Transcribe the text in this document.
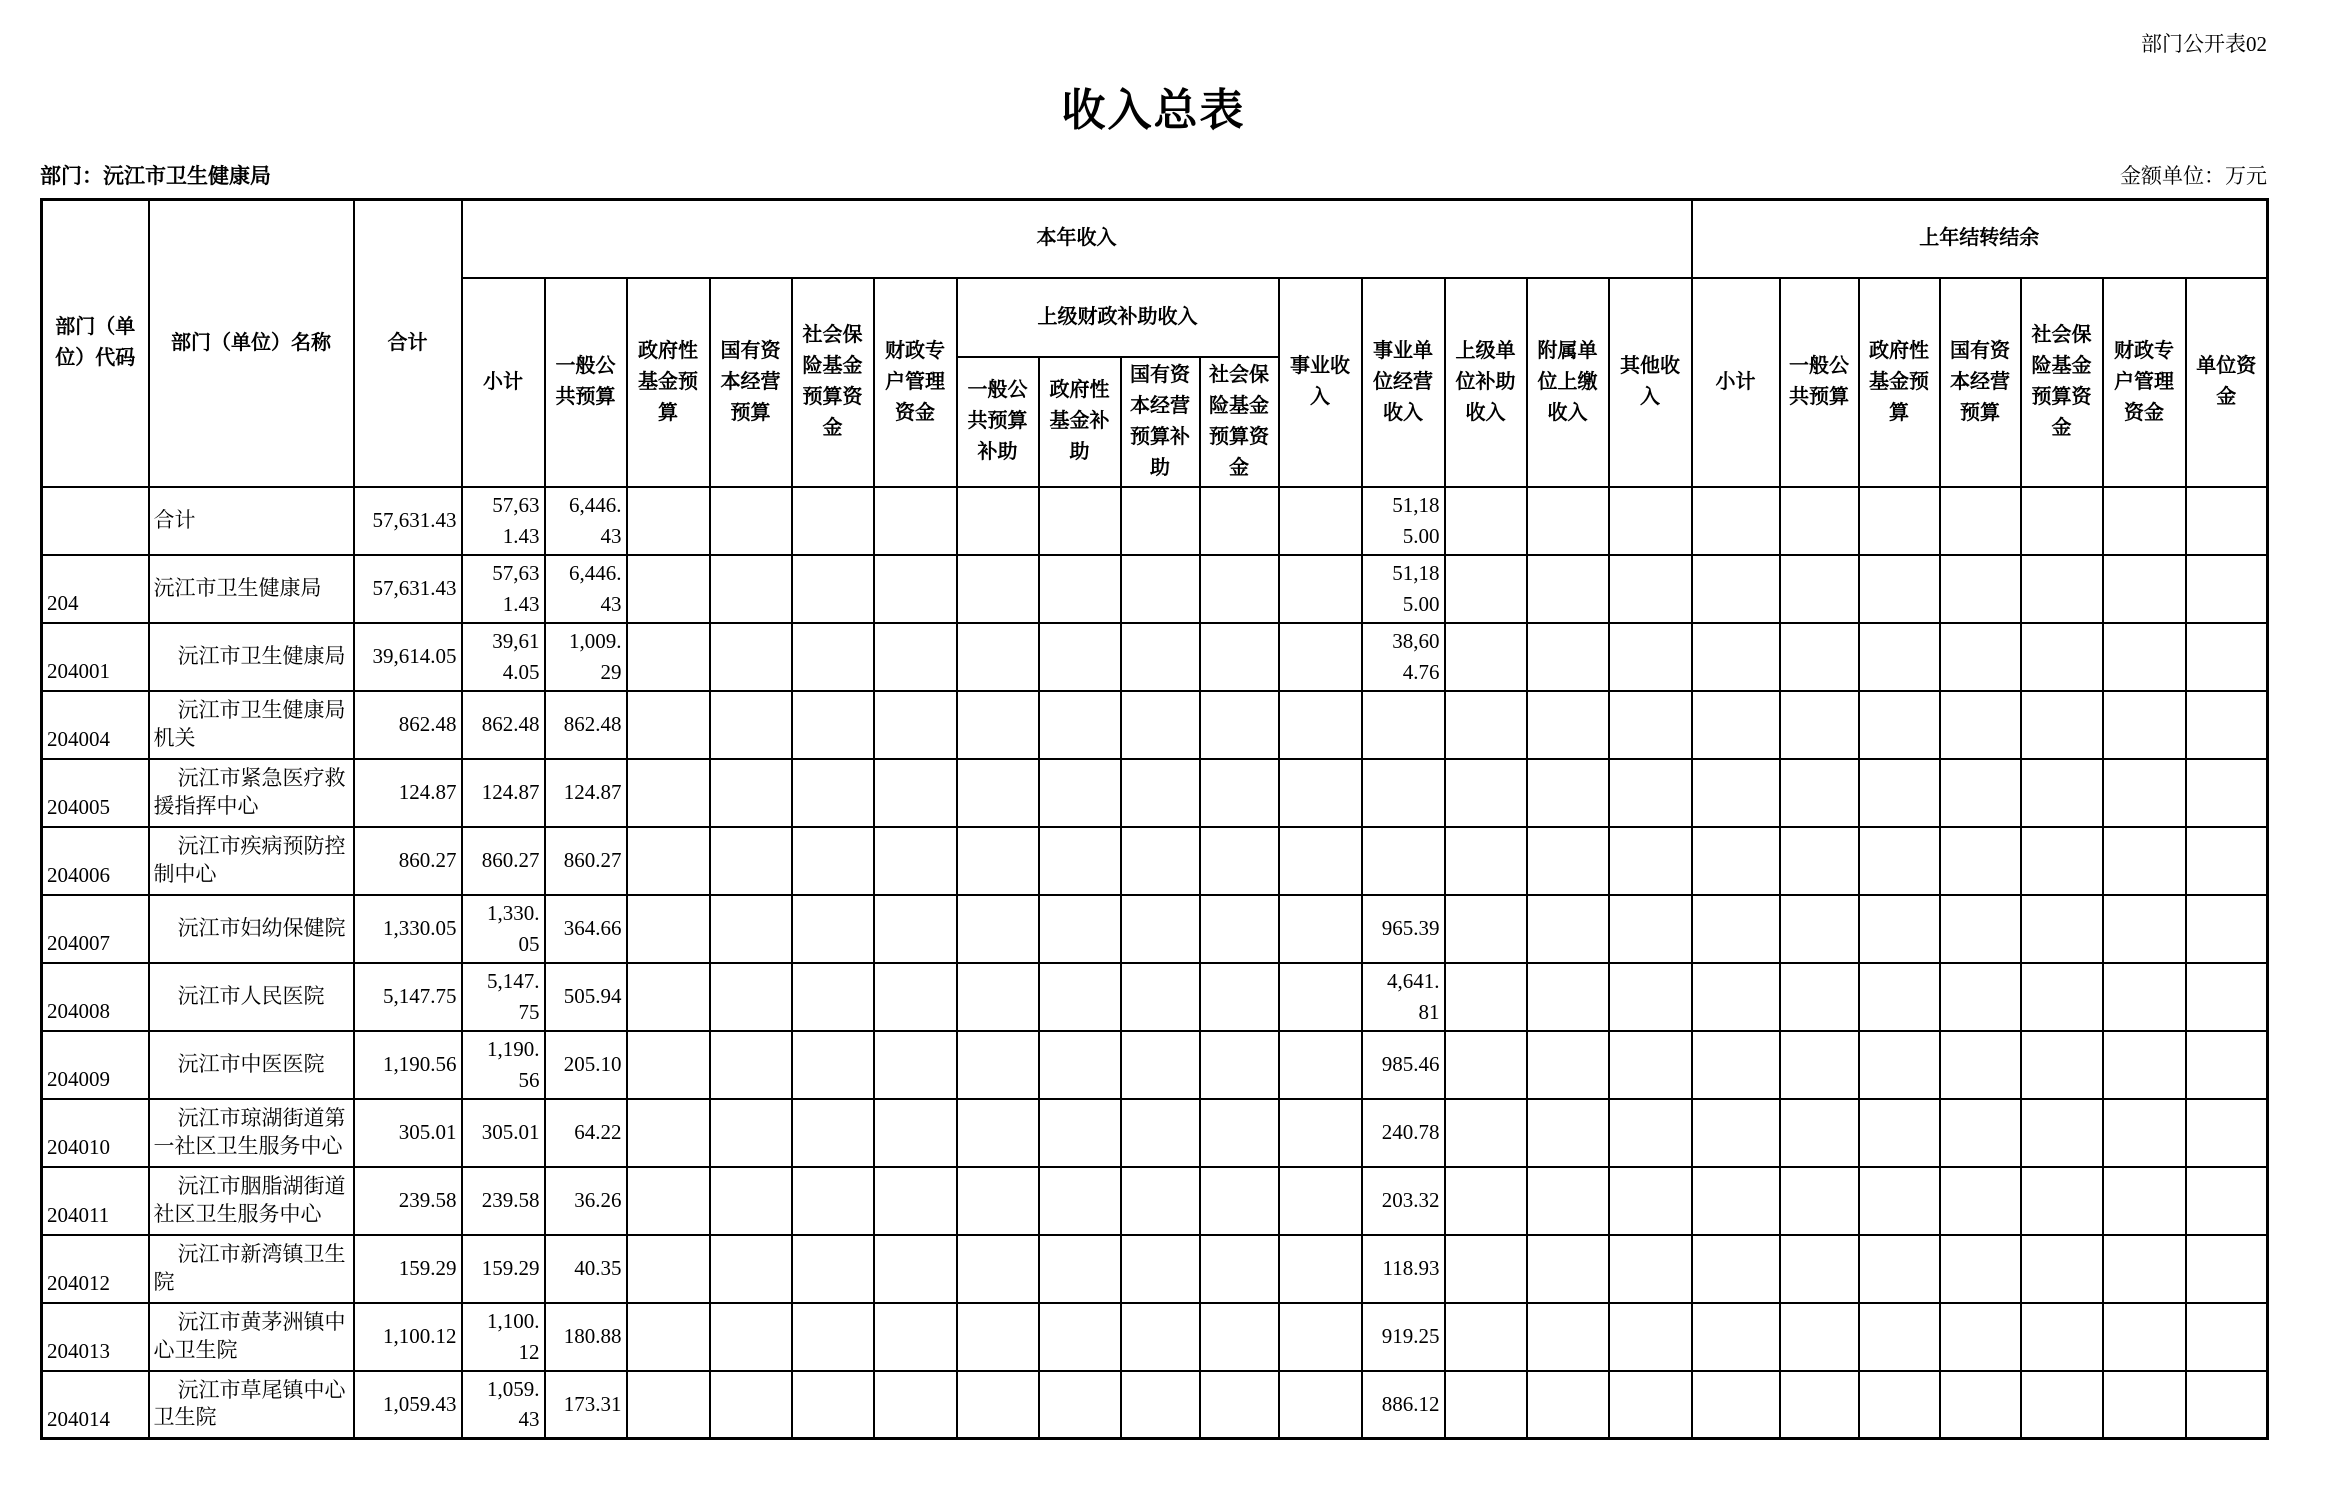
部门公开表02
收入总表
部门：沅江市卫生健康局	金额单位：万元
部门（单位）代码	部门（单位）名称	合计	本年收入															上年结转结余						
			小计	一般公共预算	政府性基金预算	国有资本经营预算	社会保险基金预算资金	财政专户管理资金	上级财政补助收入				事业收入	事业单位经营收入	上级单位补助收入	附属单位上缴收入	其他收入	小计	一般公共预算	政府性基金预算	国有资本经营预算	社会保险基金预算资金	财政专户管理资金	单位资金
									一般公共预算补助	政府性基金补助	国有资本经营预算补助	社会保险基金预算资金												
	合计	57,631.43	57,631.43	6,446.43										51,185.00										
204	沅江市卫生健康局	57,631.43	57,631.43	6,446.43										51,185.00										
204001	沅江市卫生健康局	39,614.05	39,614.05	1,009.29										38,604.76										
204004	沅江市卫生健康局机关	862.48	862.48	862.48																				
204005	沅江市紧急医疗救援指挥中心	124.87	124.87	124.87																				
204006	沅江市疾病预防控制中心	860.27	860.27	860.27																				
204007	沅江市妇幼保健院	1,330.05	1,330.05	364.66										965.39										
204008	沅江市人民医院	5,147.75	5,147.75	505.94										4,641.81										
204009	沅江市中医医院	1,190.56	1,190.56	205.10										985.46										
204010	沅江市琼湖街道第一社区卫生服务中心	305.01	305.01	64.22										240.78										
204011	沅江市胭脂湖街道社区卫生服务中心	239.58	239.58	36.26										203.32										
204012	沅江市新湾镇卫生院	159.29	159.29	40.35										118.93										
204013	沅江市黄茅洲镇中心卫生院	1,100.12	1,100.12	180.88										919.25										
204014	沅江市草尾镇中心卫生院	1,059.43	1,059.43	173.31										886.12										
